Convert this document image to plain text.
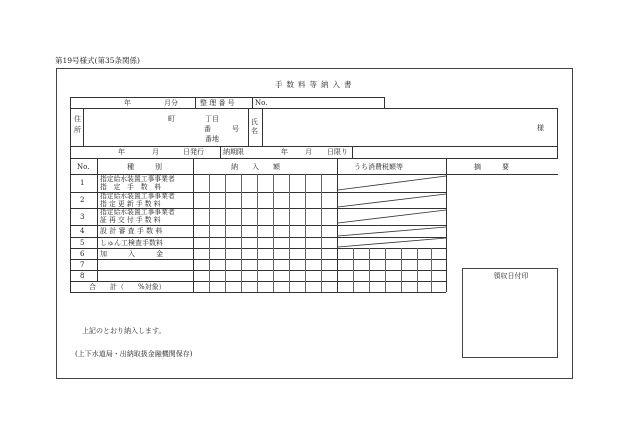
第19号様式(第35条関係)
手数料等納入書
年	月分	整 理 番 号	No.
住所
町	丁目
番	号
番地
氏名	様
年	月	日発行	納期限	年 月 日限り
No.	種　　　別	納　　入　　額	うち消費税額等	摘　　　要
1 指定給水装置工事事業者
指　定　手　数　料
2 指定給水装置工事事業者
指 定 更 新 手 数 料
3
指定給水装置工事事業者
証 再 交 付 手 数 料
4 設 計 審 査 手 数 料
5 しゅん工検査手数料
6 加　　　入　　　金
7
8
合　　計（　　%対象）
領収日付印
上記のとおり納入します。
(上下水道局・出納取扱金融機関保存)
